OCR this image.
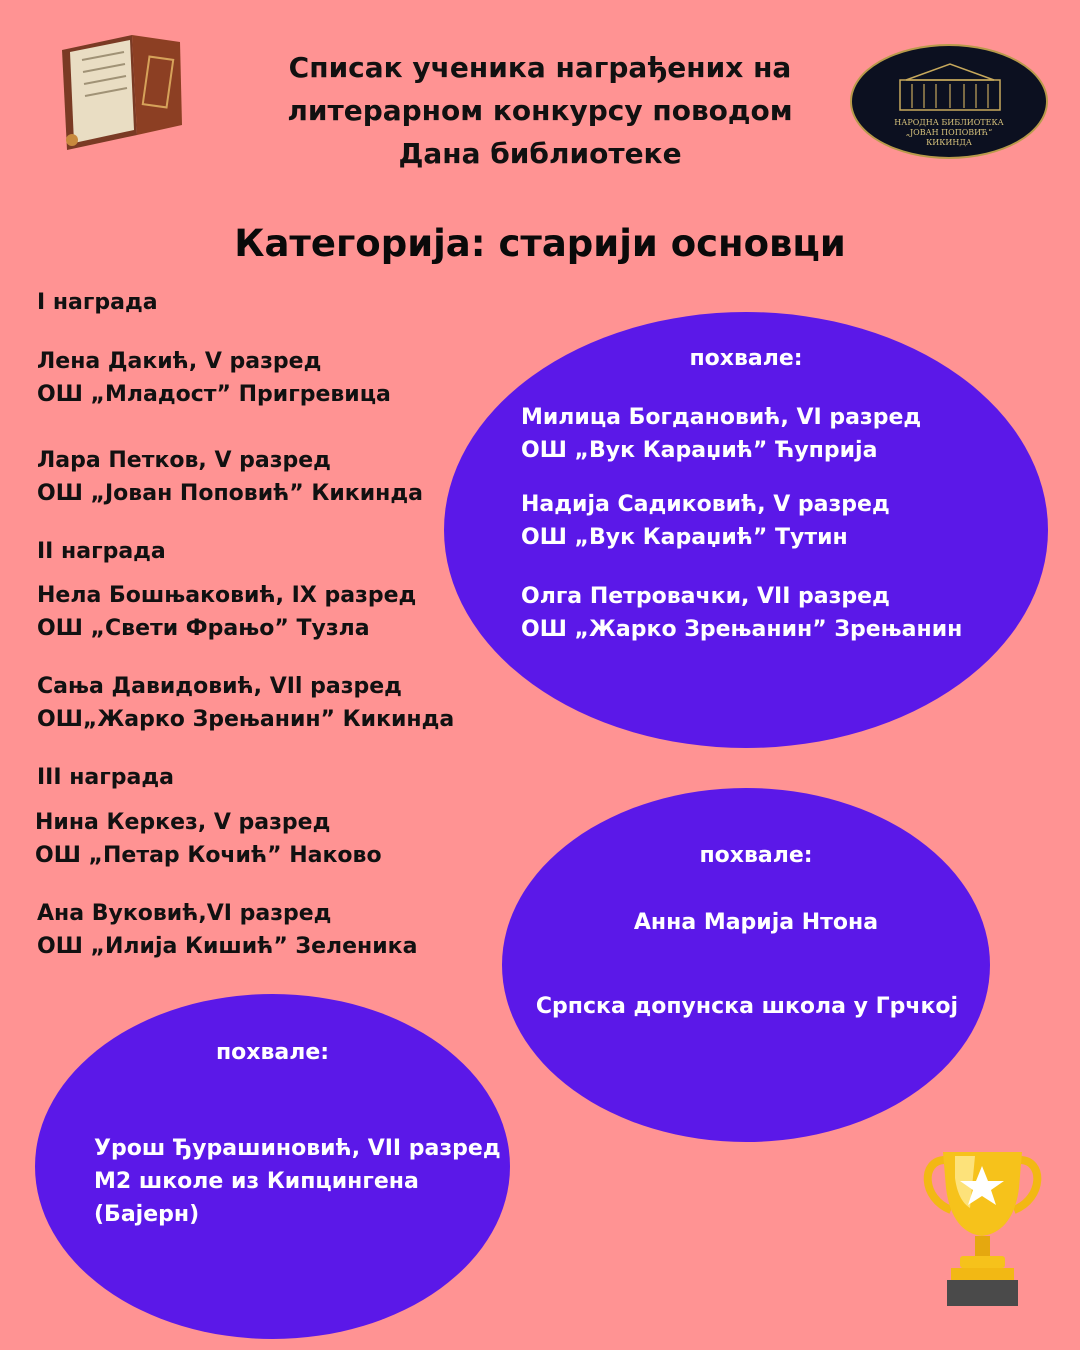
Списак ученика награђених на
литерарном конкурсу поводом
Дана библиотеке
НАРОДНА БИБЛИОТЕКА
„ЈОВАН ПОПОВИЋ“
КИКИНДА
Категорија: старији основци
I награда
Лена Дакић, V разред
ОШ „Младост” Пригревица
Лара Петков, V разред
ОШ „Јован Поповић” Кикинда
II награда
Нела Бошњаковић, IX разред
ОШ „Свети Фрањо” Тузла
Сања Давидовић, VIl разред
ОШ„Жарко Зрењанин” Кикинда
III награда
Нина Керкез, V разред
ОШ „Петар Кочић” Наково
Ана Вуковић,VI разред
ОШ „Илија Кишић” Зеленика
похвале:
Милица Богдановић, VI разред
ОШ „Вук Караџић” Ћуприја
Надија Садиковић, V разред
ОШ „Вук Караџић” Тутин
Олга Петровачки, VII разред
ОШ „Жарко Зрењанин” Зрењанин
похвале:
Анна Марија Нтона
Српска допунска школа у Грчкој
похвале:
Урош Ђурашиновић, VII разред
М2 школе из Кипцингена
(Бајерн)
